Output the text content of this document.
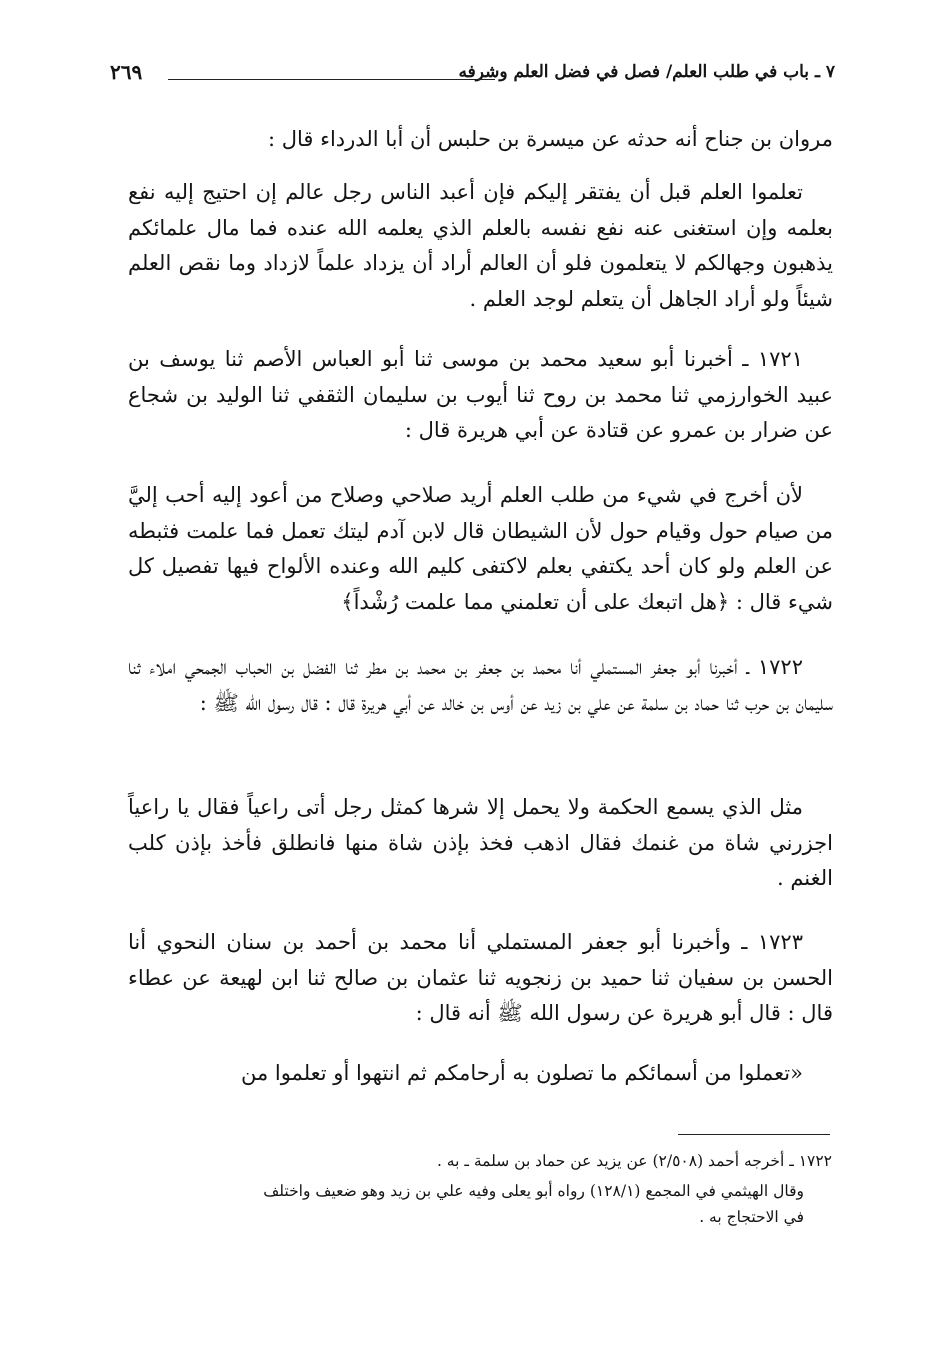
٧ ـ باب في طلب العلم/ فصل في فضل العلم وشرفه
٢٦٩
مروان بن جناح أنه حدثه عن ميسرة بن حلبس أن أبا الدرداء قال :
تعلموا العلم قبل أن يفتقر إليكم فإن أعبد الناس رجل عالم إن احتيج إليه نفع بعلمه وإن استغنى عنه نفع نفسه بالعلم الذي يعلمه الله عنده فما مال علمائكم يذهبون وجهالكم لا يتعلمون فلو أن العالم أراد أن يزداد علماً لازداد وما نقص العلم شيئاً ولو أراد الجاهل أن يتعلم لوجد العلم .
١٧٢١ ـ أخبرنا أبو سعيد محمد بن موسى ثنا أبو العباس الأصم ثنا يوسف بن عبيد الخوارزمي ثنا محمد بن روح ثنا أيوب بن سليمان الثقفي ثنا الوليد بن شجاع عن ضرار بن عمرو عن قتادة عن أبي هريرة قال :
لأن أخرج في شيء من طلب العلم أريد صلاحي وصلاح من أعود إليه أحب إليَّ من صيام حول وقيام حول لأن الشيطان قال لابن آدم ليتك تعمل فما علمت فثبطه عن العلم ولو كان أحد يكتفي بعلم لاكتفى كليم الله وعنده الألواح فيها تفصيل كل شيء قال : ﴿هل اتبعك على أن تعلمني مما علمت رُشْداً﴾
١٧٢٢ ـ أخبرنا أبو جعفر المستملي أنا محمد بن جعفر بن محمد بن مطر ثنا الفضل بن الحباب الجمحي املاء ثنا سليمان بن حرب ثنا حماد بن سلمة عن علي بن زيد عن أوس بن خالد عن أبي هريرة قال : قال رسول الله ﷺ :
مثل الذي يسمع الحكمة ولا يحمل إلا شرها كمثل رجل أتى راعياً فقال يا راعياً اجزرني شاة من غنمك فقال اذهب فخذ بإذن شاة منها فانطلق فأخذ بإذن كلب الغنم .
١٧٢٣ ـ وأخبرنا أبو جعفر المستملي أنا محمد بن أحمد بن سنان النحوي أنا الحسن بن سفيان ثنا حميد بن زنجويه ثنا عثمان بن صالح ثنا ابن لهيعة عن عطاء قال : قال أبو هريرة عن رسول الله ﷺ أنه قال :
«تعملوا من أسمائكم ما تصلون به أرحامكم ثم انتهوا أو تعلموا من
١٧٢٢ ـ أخرجه أحمد (٢/٥٠٨) عن يزيد عن حماد بن سلمة ـ به .
وقال الهيثمي في المجمع (١٢٨/١) رواه أبو يعلى وفيه علي بن زيد وهو ضعيف واختلف
في الاحتجاج به .
